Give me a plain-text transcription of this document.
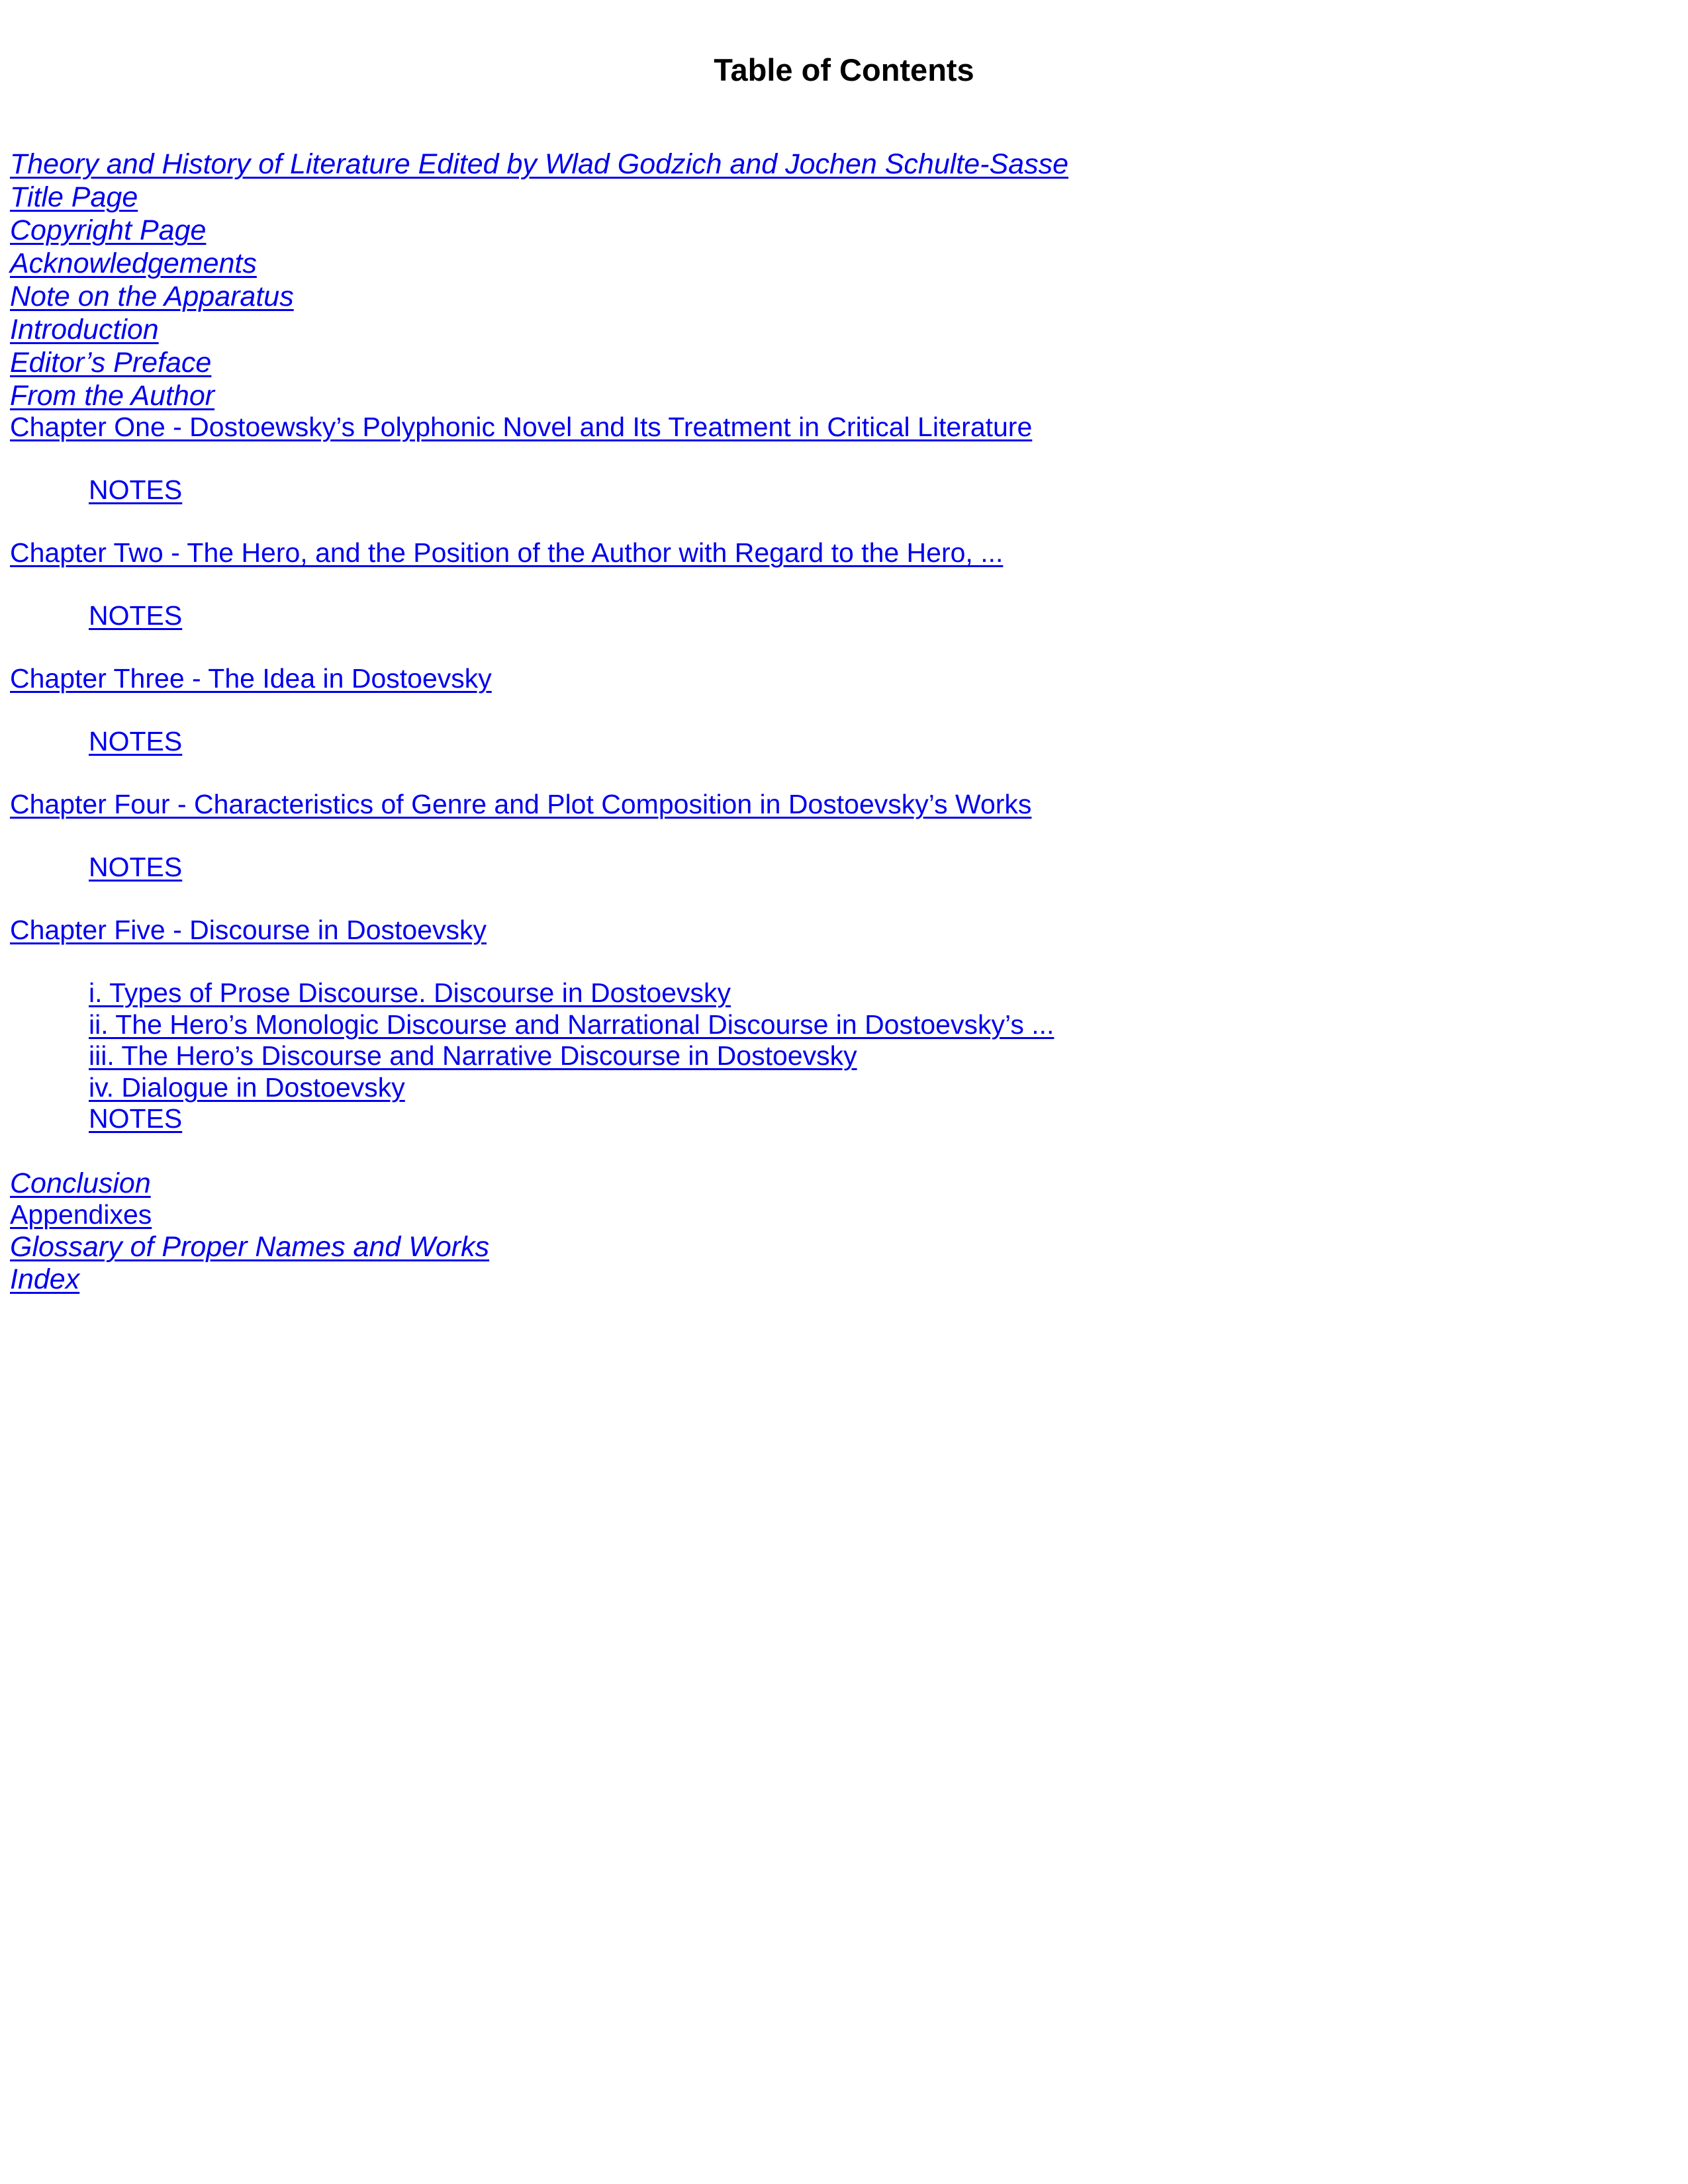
Table of Contents
Theory and History of Literature Edited by Wlad Godzich and Jochen Schulte-Sasse
Title Page
Copyright Page
Acknowledgements
Note on the Apparatus
Introduction
Editor’s Preface
From the Author
Chapter One - Dostoewsky’s Polyphonic Novel and Its Treatment in Critical Literature
NOTES
Chapter Two - The Hero, and the Position of the Author with Regard to the Hero, ...
NOTES
Chapter Three - The Idea in Dostoevsky
NOTES
Chapter Four - Characteristics of Genre and Plot Composition in Dostoevsky’s Works
NOTES
Chapter Five - Discourse in Dostoevsky
i. Types of Prose Discourse. Discourse in Dostoevsky
ii. The Hero’s Monologic Discourse and Narrational Discourse in Dostoevsky’s ...
iii. The Hero’s Discourse and Narrative Discourse in Dostoevsky
iv. Dialogue in Dostoevsky
NOTES
Conclusion
Appendixes
Glossary of Proper Names and Works
Index
